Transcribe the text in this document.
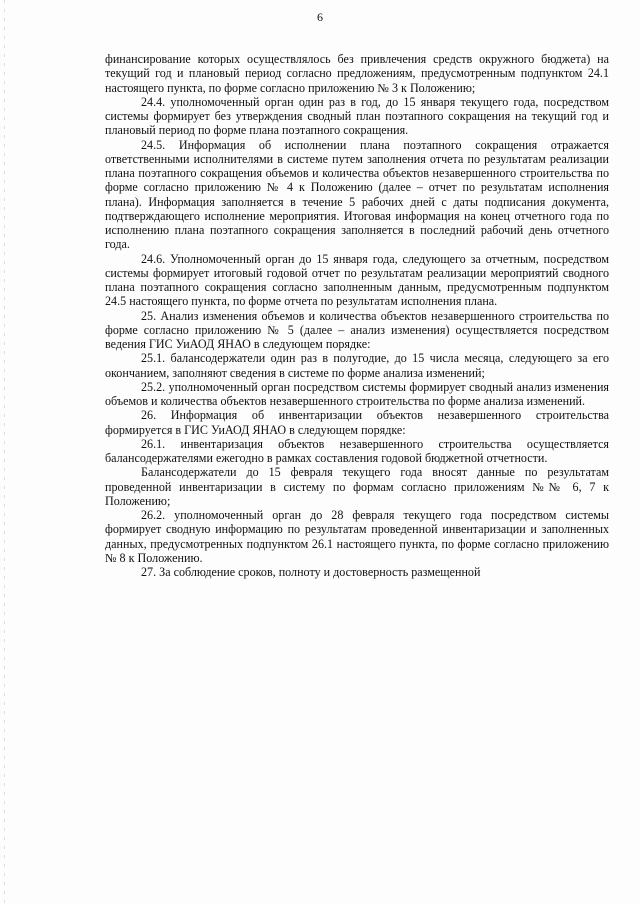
6

финансирование которых осуществлялось без привлечения средств окружного бюджета) на текущий год и плановый период согласно предложениям, предусмотренным подпунктом 24.1 настоящего пункта, по форме согласно приложению № 3 к Положению;

24.4. уполномоченный орган один раз в год, до 15 января текущего года, посредством системы формирует без утверждения сводный план поэтапного сокращения на текущий год и плановый период по форме плана поэтапного сокращения.

24.5. Информация об исполнении плана поэтапного сокращения отражается ответственными исполнителями в системе путем заполнения отчета по результатам реализации плана поэтапного сокращения объемов и количества объектов незавершенного строительства по форме согласно приложению № 4 к Положению (далее – отчет по результатам исполнения плана). Информация заполняется в течение 5 рабочих дней с даты подписания документа, подтверждающего исполнение мероприятия. Итоговая информация на конец отчетного года по исполнению плана поэтапного сокращения заполняется в последний рабочий день отчетного года.

24.6. Уполномоченный орган до 15 января года, следующего за отчетным, посредством системы формирует итоговый годовой отчет по результатам реализации мероприятий сводного плана поэтапного сокращения согласно заполненным данным, предусмотренным подпунктом 24.5 настоящего пункта, по форме отчета по результатам исполнения плана.

25. Анализ изменения объемов и количества объектов незавершенного строительства по форме согласно приложению № 5 (далее – анализ изменения) осуществляется посредством ведения ГИС УиАОД ЯНАО в следующем порядке:

25.1. балансодержатели один раз в полугодие, до 15 числа месяца, следующего за его окончанием, заполняют сведения в системе по форме анализа изменений;

25.2. уполномоченный орган посредством системы формирует сводный анализ изменения объемов и количества объектов незавершенного строительства по форме анализа изменений.

26. Информация об инвентаризации объектов незавершенного строительства формируется в ГИС УиАОД ЯНАО в следующем порядке:

26.1. инвентаризация объектов незавершенного строительства осуществляется балансодержателями ежегодно в рамках составления годовой бюджетной отчетности.

Балансодержатели до 15 февраля текущего года вносят данные по результатам проведенной инвентаризации в систему по формам согласно приложениям №№ 6, 7 к Положению;

26.2. уполномоченный орган до 28 февраля текущего года посредством системы формирует сводную информацию по результатам проведенной инвентаризации и заполненных данных, предусмотренных подпунктом 26.1 настоящего пункта, по форме согласно приложению № 8 к Положению.

27. За соблюдение сроков, полноту и достоверность размещенной
